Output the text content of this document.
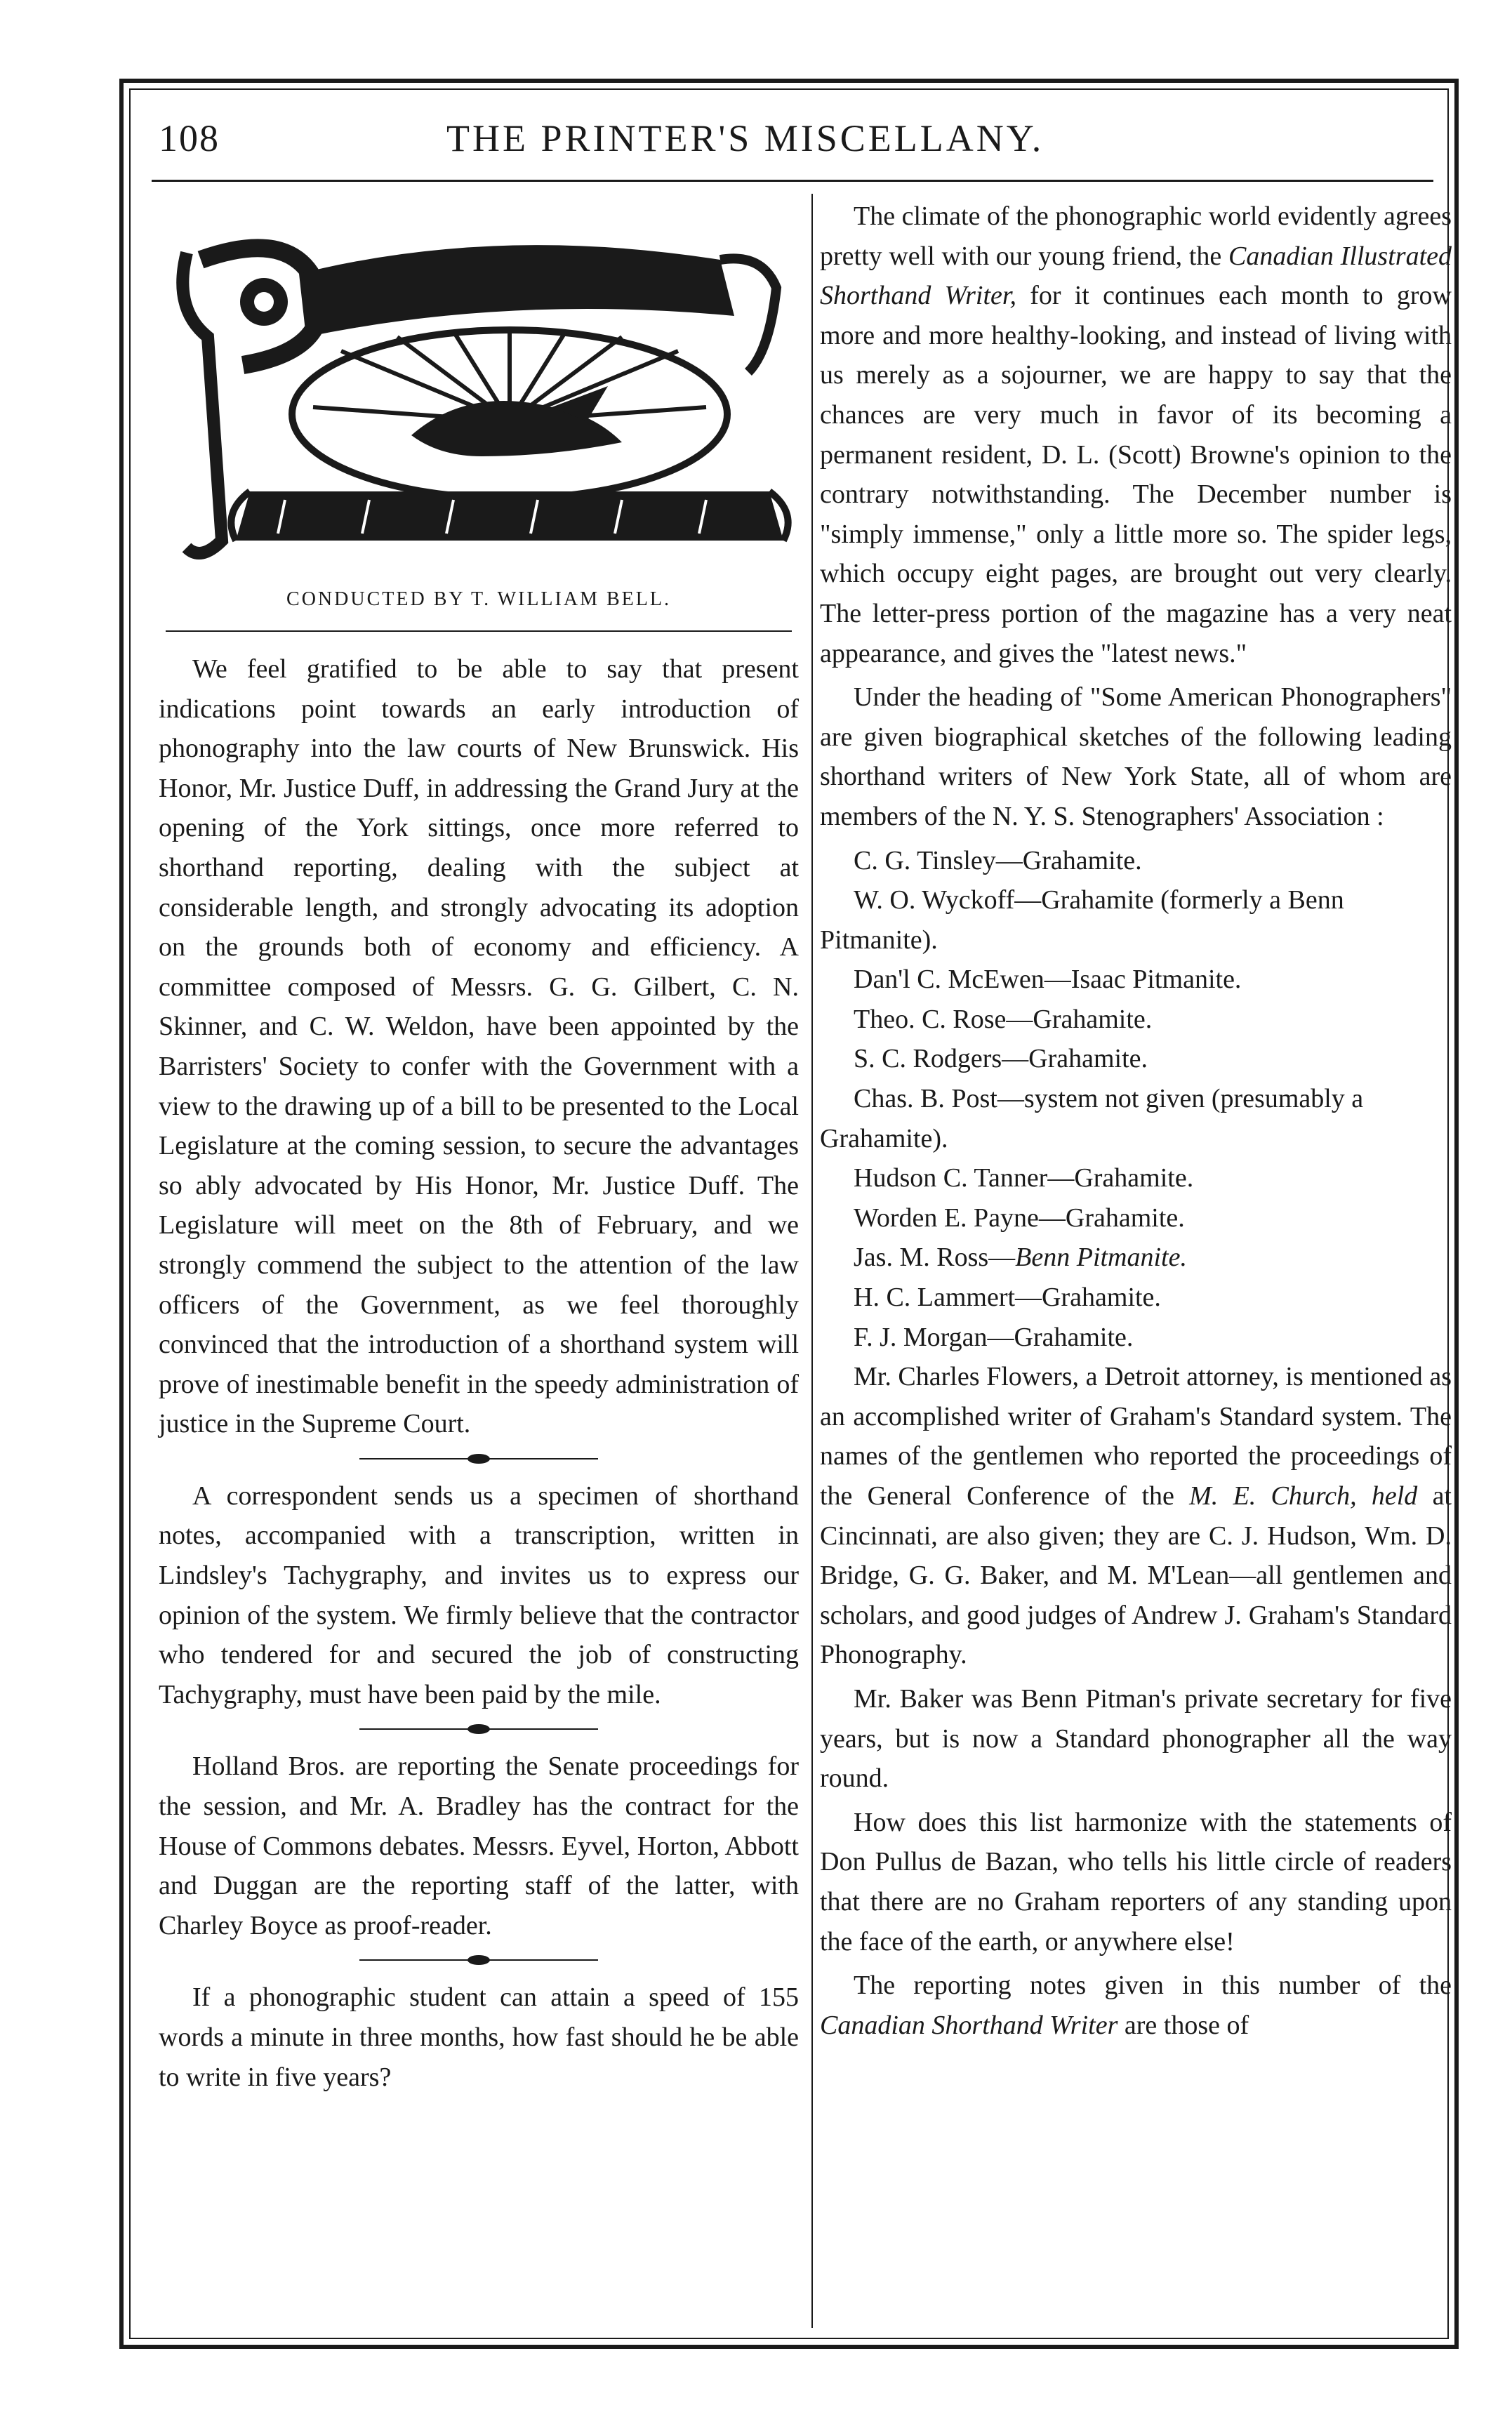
108	THE PRINTER'S MISCELLANY.
CONDUCTED BY T. WILLIAM BELL.

We feel gratified to be able to say that present indications point towards an early introduction of phonography into the law courts of New Brunswick. His Honor, Mr. Justice Duff, in addressing the Grand Jury at the opening of the York sittings, once more referred to shorthand reporting, dealing with the subject at considerable length, and strongly advocating its adoption on the grounds both of economy and efficiency. A committee composed of Messrs. G. G. Gilbert, C. N. Skinner, and C. W. Weldon, have been appointed by the Barristers' Society to confer with the Government with a view to the drawing up of a bill to be presented to the Local Legislature at the coming session, to secure the advantages so ably advocated by His Honor, Mr. Justice Duff. The Legislature will meet on the 8th of February, and we strongly commend the subject to the attention of the law officers of the Government, as we feel thoroughly convinced that the introduction of a shorthand system will prove of inestimable benefit in the speedy administration of justice in the Supreme Court.

A correspondent sends us a specimen of shorthand notes, accompanied with a transcription, written in Lindsley's Tachygraphy, and invites us to express our opinion of the system. We firmly believe that the contractor who tendered for and secured the job of constructing Tachygraphy, must have been paid by the mile.

Holland Bros. are reporting the Senate proceedings for the session, and Mr. A. Bradley has the contract for the House of Commons debates. Messrs. Eyvel, Horton, Abbott and Duggan are the reporting staff of the latter, with Charley Boyce as proof-reader.

If a phonographic student can attain a speed of 155 words a minute in three months, how fast should he be able to write in five years?

The climate of the phonographic world evidently agrees pretty well with our young friend, the Canadian Illustrated Shorthand Writer, for it continues each month to grow more and more healthy-looking, and instead of living with us merely as a sojourner, we are happy to say that the chances are very much in favor of its becoming a permanent resident, D. L. (Scott) Browne's opinion to the contrary notwithstanding. The December number is "simply immense," only a little more so. The spider legs, which occupy eight pages, are brought out very clearly. The letter-press portion of the magazine has a very neat appearance, and gives the "latest news."

Under the heading of "Some American Phonographers" are given biographical sketches of the following leading shorthand writers of New York State, all of whom are members of the N. Y. S. Stenographers' Association :

C. G. Tinsley—Grahamite.

W. O. Wyckoff—Grahamite (formerly a Benn Pitmanite).

Dan'l C. McEwen—Isaac Pitmanite.

Theo. C. Rose—Grahamite.

S. C. Rodgers—Grahamite.

Chas. B. Post—system not given (presumably a Grahamite).

Hudson C. Tanner—Grahamite.

Worden E. Payne—Grahamite.

Jas. M. Ross—Benn Pitmanite.

H. C. Lammert—Grahamite.

F. J. Morgan—Grahamite.

Mr. Charles Flowers, a Detroit attorney, is mentioned as an accomplished writer of Graham's Standard system. The names of the gentlemen who reported the proceedings of the General Conference of the M. E. Church, held at Cincinnati, are also given; they are C. J. Hudson, Wm. D. Bridge, G. G. Baker, and M. M'Lean—all gentlemen and scholars, and good judges of Andrew J. Graham's Standard Phonography.

Mr. Baker was Benn Pitman's private secretary for five years, but is now a Standard phonographer all the way round.

How does this list harmonize with the statements of Don Pullus de Bazan, who tells his little circle of readers that there are no Graham reporters of any standing upon the face of the earth, or anywhere else!

The reporting notes given in this number of the Canadian Shorthand Writer are those of
